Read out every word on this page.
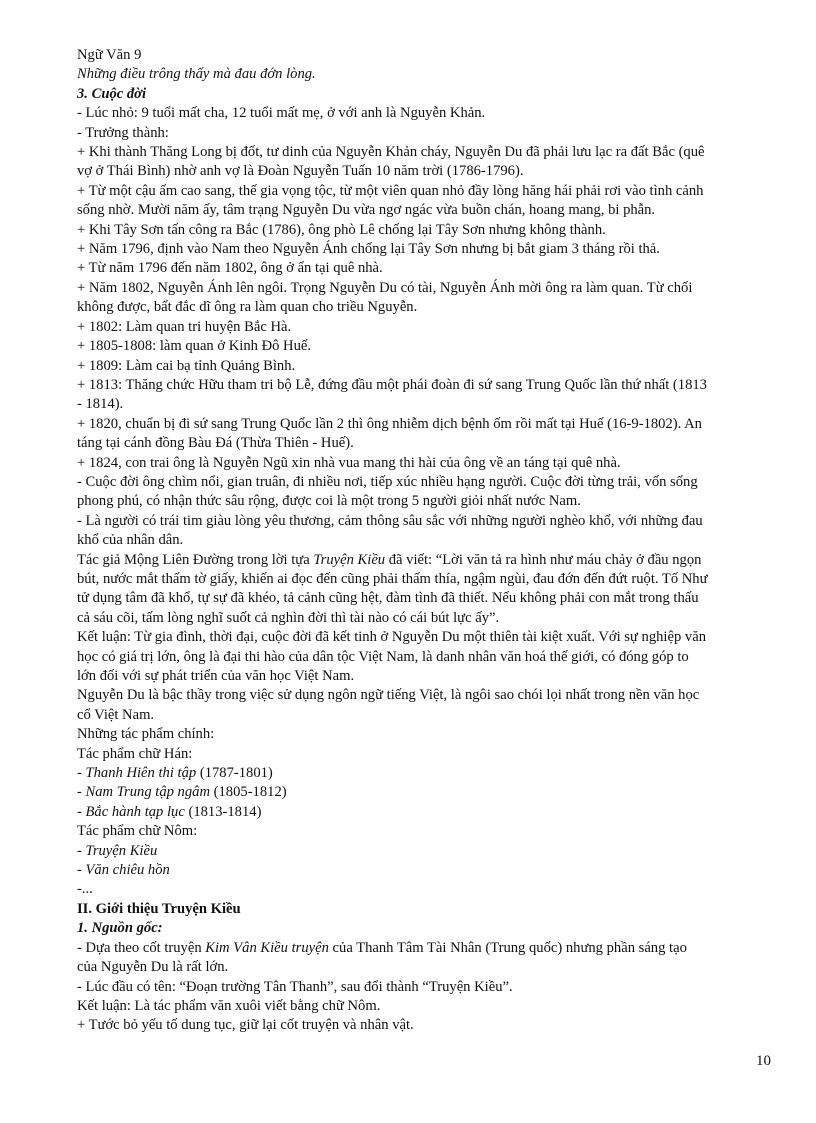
Ngữ Văn 9
Những điều trông thấy mà đau đớn lòng.
3. Cuộc đời
- Lúc nhỏ: 9 tuổi mất cha, 12 tuổi mất mẹ, ở với anh là Nguyễn Khản.
- Trưởng thành:
+ Khi thành Thăng Long bị đốt, tư dinh của Nguyễn Khản cháy, Nguyễn Du đã phải lưu lạc ra đất Bắc (quê
vợ ở Thái Bình) nhờ anh vợ là Đoàn Nguyễn Tuấn 10 năm trời (1786-1796).
+ Từ một cậu ấm cao sang, thế gia vọng tộc, từ một viên quan nhỏ đầy lòng hăng hái phải rơi vào tình cảnh
sống nhờ. Mười năm ấy, tâm trạng Nguyễn Du vừa ngơ ngác vừa buồn chán, hoang mang, bi phẫn.
+ Khi Tây Sơn tấn công ra Bắc (1786), ông phò Lê chống lại Tây Sơn nhưng không thành.
+ Năm 1796, định vào Nam theo Nguyễn Ánh chống lại Tây Sơn nhưng bị bắt giam 3 tháng rồi thả.
+ Từ năm 1796 đến năm 1802, ông ở ẩn tại quê nhà.
+ Năm 1802, Nguyễn Ánh lên ngôi. Trọng Nguyễn Du có tài, Nguyễn Ánh mời ông ra làm quan. Từ chối
không được, bất đắc dĩ ông ra làm quan cho triều Nguyễn.
+ 1802: Làm quan tri huyện Bắc Hà.
+ 1805-1808: làm quan ở Kinh Đô Huế.
+ 1809: Làm cai bạ tỉnh Quảng Bình.
+ 1813: Thăng chức Hữu tham tri bộ Lễ, đứng đầu một phái đoàn đi sứ sang Trung Quốc lần thứ nhất (1813
- 1814).
+ 1820, chuẩn bị đi sứ sang Trung Quốc lần 2 thì ông nhiễm dịch bệnh ốm rồi mất tại Huế (16-9-1802). An
táng tại cánh đồng Bàu Đá (Thừa Thiên - Huế).
+ 1824, con trai ông là Nguyễn Ngũ xin nhà vua mang thi hài của ông về an táng tại quê nhà.
- Cuộc đời ông chìm nổi, gian truân, đi nhiều nơi, tiếp xúc nhiều hạng người. Cuộc đời từng trải, vốn sống
phong phú, có nhận thức sâu rộng, được coi là một trong 5 người giỏi nhất nước Nam.
- Là người có trái tim giàu lòng yêu thương, cảm thông sâu sắc với những người nghèo khổ, với những đau
khổ của nhân dân.
Tác giả Mộng Liên Đường trong lời tựa Truyện Kiều đã viết: “Lời văn tả ra hình như máu chảy ở đầu ngọn
bút, nước mắt thấm tờ giấy, khiến ai đọc đến cũng phải thấm thía, ngậm ngùi, đau đớn đến đứt ruột. Tố Như
tử dụng tâm đã khổ, tự sự đã khéo, tả cảnh cũng hệt, đàm tình đã thiết. Nếu không phải con mắt trong thấu
cả sáu cõi, tấm lòng nghĩ suốt cả nghìn đời thì tài nào có cái bút lực ấy”.
Kết luận: Từ gia đình, thời đại, cuộc đời đã kết tinh ở Nguyễn Du một thiên tài kiệt xuất. Với sự nghiệp văn
học có giá trị lớn, ông là đại thi hào của dân tộc Việt Nam, là danh nhân văn hoá thế giới, có đóng góp to
lớn đối với sự phát triển của văn học Việt Nam.
Nguyễn Du là bậc thầy trong việc sử dụng ngôn ngữ tiếng Việt, là ngôi sao chói lọi nhất trong nền văn học
cổ Việt Nam.
Những tác phẩm chính:
Tác phẩm chữ Hán:
- Thanh Hiên thi tập (1787-1801)
- Nam Trung tập ngâm (1805-1812)
- Bắc hành tạp lục (1813-1814)
Tác phẩm chữ Nôm:
- Truyện Kiều
- Văn chiêu hồn
-...
II. Giới thiệu Truyện Kiều
1. Nguồn gốc:
- Dựa theo cốt truyện Kim Vân Kiều truyện của Thanh Tâm Tài Nhân (Trung quốc) nhưng phần sáng tạo
của Nguyễn Du là rất lớn.
- Lúc đầu có tên: “Đoạn trường Tân Thanh”, sau đổi thành “Truyện Kiều”.
Kết luận: Là tác phẩm văn xuôi viết bằng chữ Nôm.
+ Tước bỏ yếu tố dung tục, giữ lại cốt truyện và nhân vật.
10
